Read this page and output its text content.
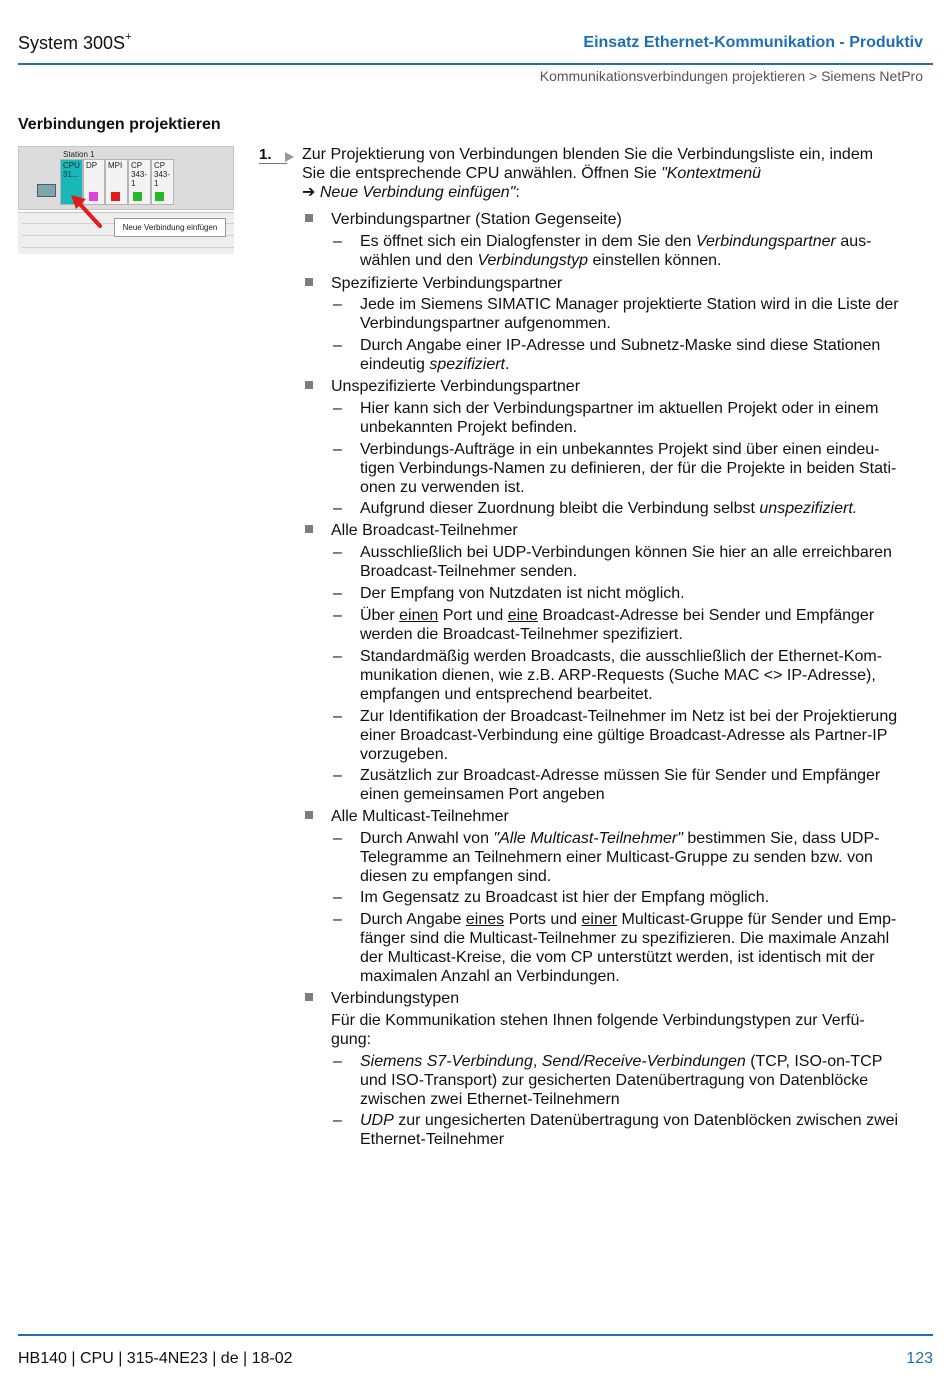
System 300S+	Einsatz Ethernet-Kommunikation - Produktiv
Kommunikationsverbindungen projektieren > Siemens NetPro
Verbindungen projektieren
Station 1
CPU
31...
DP	MPI	CP
343-1
CP
343-1
Neue Verbindung einfügen
1. Zur Projektierung von Verbindungen blenden Sie die Verbindungsliste ein, indem
Sie die entsprechende CPU anwählen. Öffnen Sie "Kontextmenü
➔ Neue Verbindung einfügen":
Verbindungspartner (Station Gegenseite)
– Es öffnet sich ein Dialogfenster in dem Sie den Verbindungspartner aus-
wählen und den Verbindungstyp einstellen können.
Spezifizierte Verbindungspartner
– Jede im Siemens SIMATIC Manager projektierte Station wird in die Liste der
Verbindungspartner aufgenommen.
– Durch Angabe einer IP-Adresse und Subnetz-Maske sind diese Stationen
eindeutig spezifiziert.
Unspezifizierte Verbindungspartner
– Hier kann sich der Verbindungspartner im aktuellen Projekt oder in einem
unbekannten Projekt befinden.
– Verbindungs-Aufträge in ein unbekanntes Projekt sind über einen eindeu-
tigen Verbindungs-Namen zu definieren, der für die Projekte in beiden Stati-
onen zu verwenden ist.
– Aufgrund dieser Zuordnung bleibt die Verbindung selbst unspezifiziert.
Alle Broadcast-Teilnehmer
– Ausschließlich bei UDP-Verbindungen können Sie hier an alle erreichbaren
Broadcast-Teilnehmer senden.
– Der Empfang von Nutzdaten ist nicht möglich.
– Über einen Port und eine Broadcast-Adresse bei Sender und Empfänger
werden die Broadcast-Teilnehmer spezifiziert.
– Standardmäßig werden Broadcasts, die ausschließlich der Ethernet-Kom-
munikation dienen, wie z.B. ARP-Requests (Suche MAC <> IP-Adresse),
empfangen und entsprechend bearbeitet.
– Zur Identifikation der Broadcast-Teilnehmer im Netz ist bei der Projektierung
einer Broadcast-Verbindung eine gültige Broadcast-Adresse als Partner-IP
vorzugeben.
– Zusätzlich zur Broadcast-Adresse müssen Sie für Sender und Empfänger
einen gemeinsamen Port angeben
Alle Multicast-Teilnehmer
– Durch Anwahl von "Alle Multicast-Teilnehmer" bestimmen Sie, dass UDP-
Telegramme an Teilnehmern einer Multicast-Gruppe zu senden bzw. von
diesen zu empfangen sind.
– Im Gegensatz zu Broadcast ist hier der Empfang möglich.
– Durch Angabe eines Ports und einer Multicast-Gruppe für Sender und Emp-
fänger sind die Multicast-Teilnehmer zu spezifizieren. Die maximale Anzahl
der Multicast-Kreise, die vom CP unterstützt werden, ist identisch mit der
maximalen Anzahl an Verbindungen.
Verbindungstypen
Für die Kommunikation stehen Ihnen folgende Verbindungstypen zur Verfü-
gung:
– Siemens S7-Verbindung, Send/Receive-Verbindungen (TCP, ISO-on-TCP
und ISO-Transport) zur gesicherten Datenübertragung von Datenblöcke
zwischen zwei Ethernet-Teilnehmern
– UDP zur ungesicherten Datenübertragung von Datenblöcken zwischen zwei
Ethernet-Teilnehmer
HB140 | CPU | 315-4NE23 | de | 18-02	123
